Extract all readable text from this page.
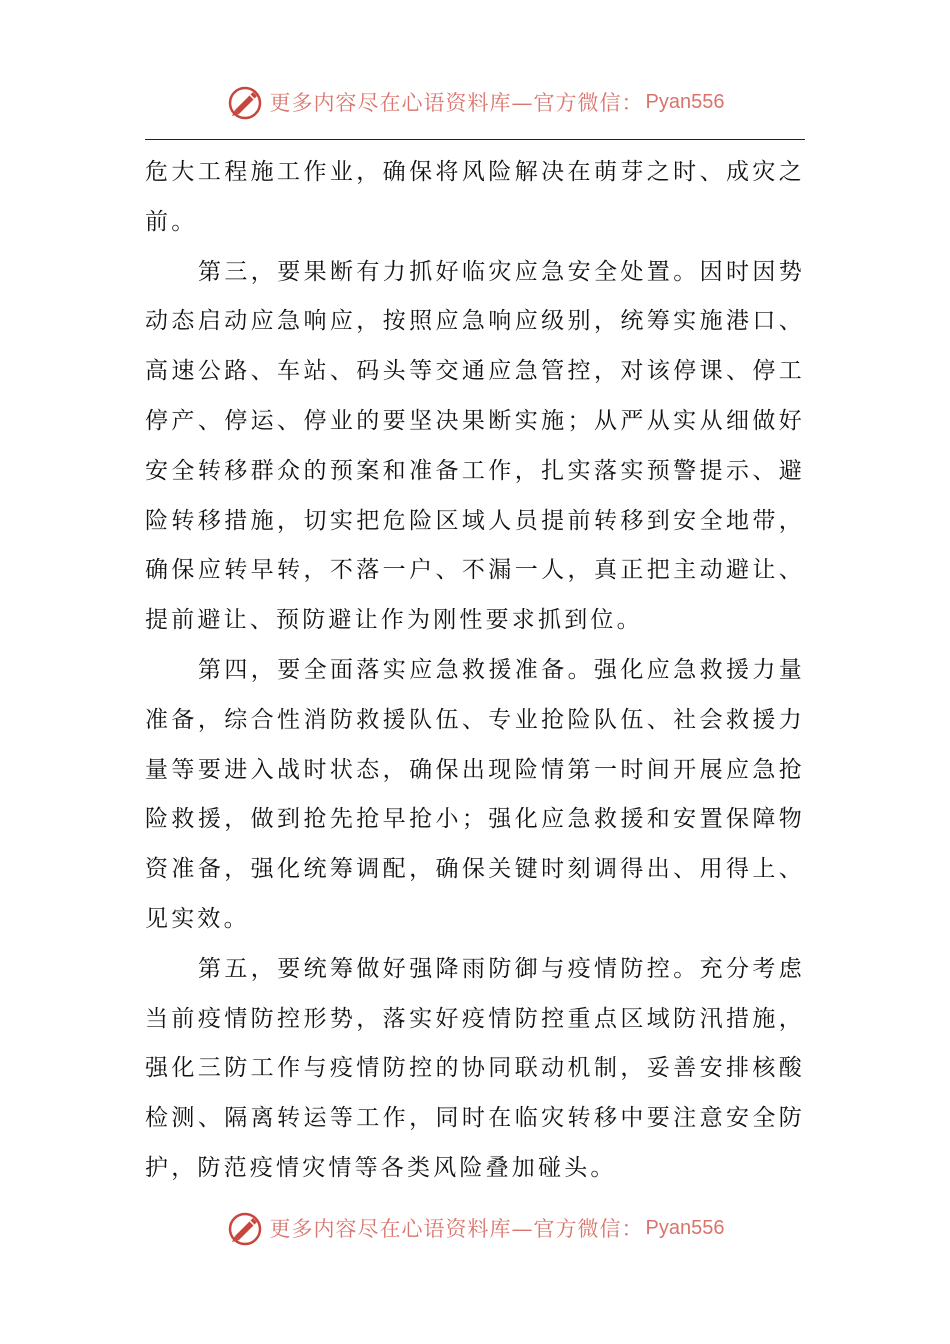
更多内容尽在心语资料库—官方微信： Pyan556

危大工程施工作业，确保将风险解决在萌芽之时、成灾之前。

第三，要果断有力抓好临灾应急安全处置。因时因势动态启动应急响应，按照应急响应级别，统筹实施港口、高速公路、车站、码头等交通应急管控，对该停课、停工停产、停运、停业的要坚决果断实施；从严从实从细做好安全转移群众的预案和准备工作，扎实落实预警提示、避险转移措施，切实把危险区域人员提前转移到安全地带，确保应转早转，不落一户、不漏一人，真正把主动避让、提前避让、预防避让作为刚性要求抓到位。

第四，要全面落实应急救援准备。强化应急救援力量准备，综合性消防救援队伍、专业抢险队伍、社会救援力量等要进入战时状态，确保出现险情第一时间开展应急抢险救援，做到抢先抢早抢小；强化应急救援和安置保障物资准备，强化统筹调配，确保关键时刻调得出、用得上、见实效。

第五，要统筹做好强降雨防御与疫情防控。充分考虑当前疫情防控形势，落实好疫情防控重点区域防汛措施，强化三防工作与疫情防控的协同联动机制，妥善安排核酸检测、隔离转运等工作，同时在临灾转移中要注意安全防护，防范疫情灾情等各类风险叠加碰头。

更多内容尽在心语资料库—官方微信： Pyan556
